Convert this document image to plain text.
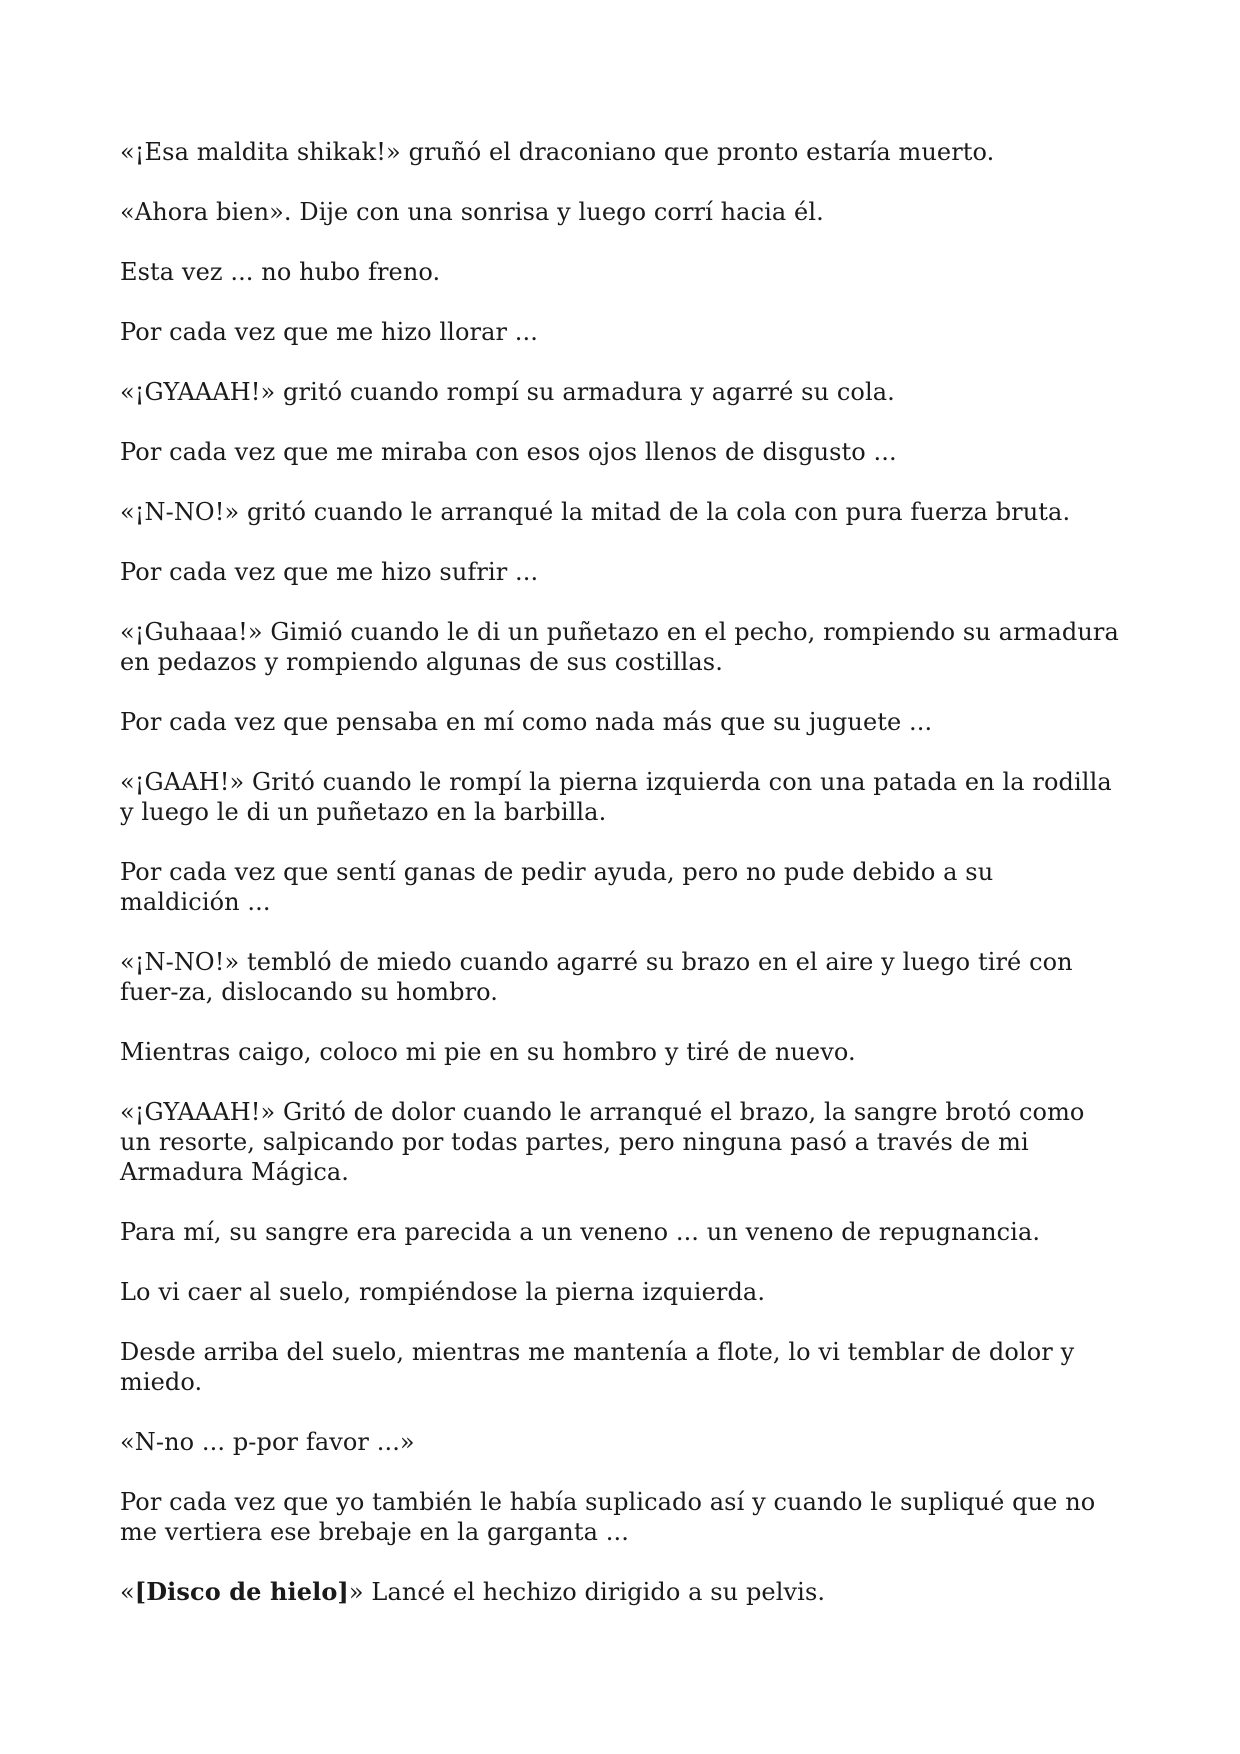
«¡Esa maldita shikak!» gruñó el draconiano que pronto estaría muerto.

«Ahora bien». Dije con una sonrisa y luego corrí hacia él.

Esta vez ... no hubo freno.

Por cada vez que me hizo llorar ...

«¡GYAAAH!» gritó cuando rompí su armadura y agarré su cola.

Por cada vez que me miraba con esos ojos llenos de disgusto ...

«¡N-NO!» gritó cuando le arranqué la mitad de la cola con pura fuerza bruta.

Por cada vez que me hizo sufrir ...

«¡Guhaaa!» Gimió cuando le di un puñetazo en el pecho, rompiendo su armadura en pedazos y rompiendo algunas de sus costillas.

Por cada vez que pensaba en mí como nada más que su juguete ...

«¡GAAH!» Gritó cuando le rompí la pierna izquierda con una patada en la rodilla y luego le di un puñetazo en la barbilla.

Por cada vez que sentí ganas de pedir ayuda, pero no pude debido a su maldición ...

«¡N-NO!» tembló de miedo cuando agarré su brazo en el aire y luego tiré con fuer-za, dislocando su hombro.

Mientras caigo, coloco mi pie en su hombro y tiré de nuevo.

«¡GYAAAH!» Gritó de dolor cuando le arranqué el brazo, la sangre brotó como un resorte, salpicando por todas partes, pero ninguna pasó a través de mi Armadura Mágica.

Para mí, su sangre era parecida a un veneno ... un veneno de repugnancia.

Lo vi caer al suelo, rompiéndose la pierna izquierda.

Desde arriba del suelo, mientras me mantenía a flote, lo vi temblar de dolor y miedo.

«N-no ... p-por favor ...»

Por cada vez que yo también le había suplicado así y cuando le supliqué que no me vertiera ese brebaje en la garganta ...

«[Disco de hielo]» Lancé el hechizo dirigido a su pelvis.
